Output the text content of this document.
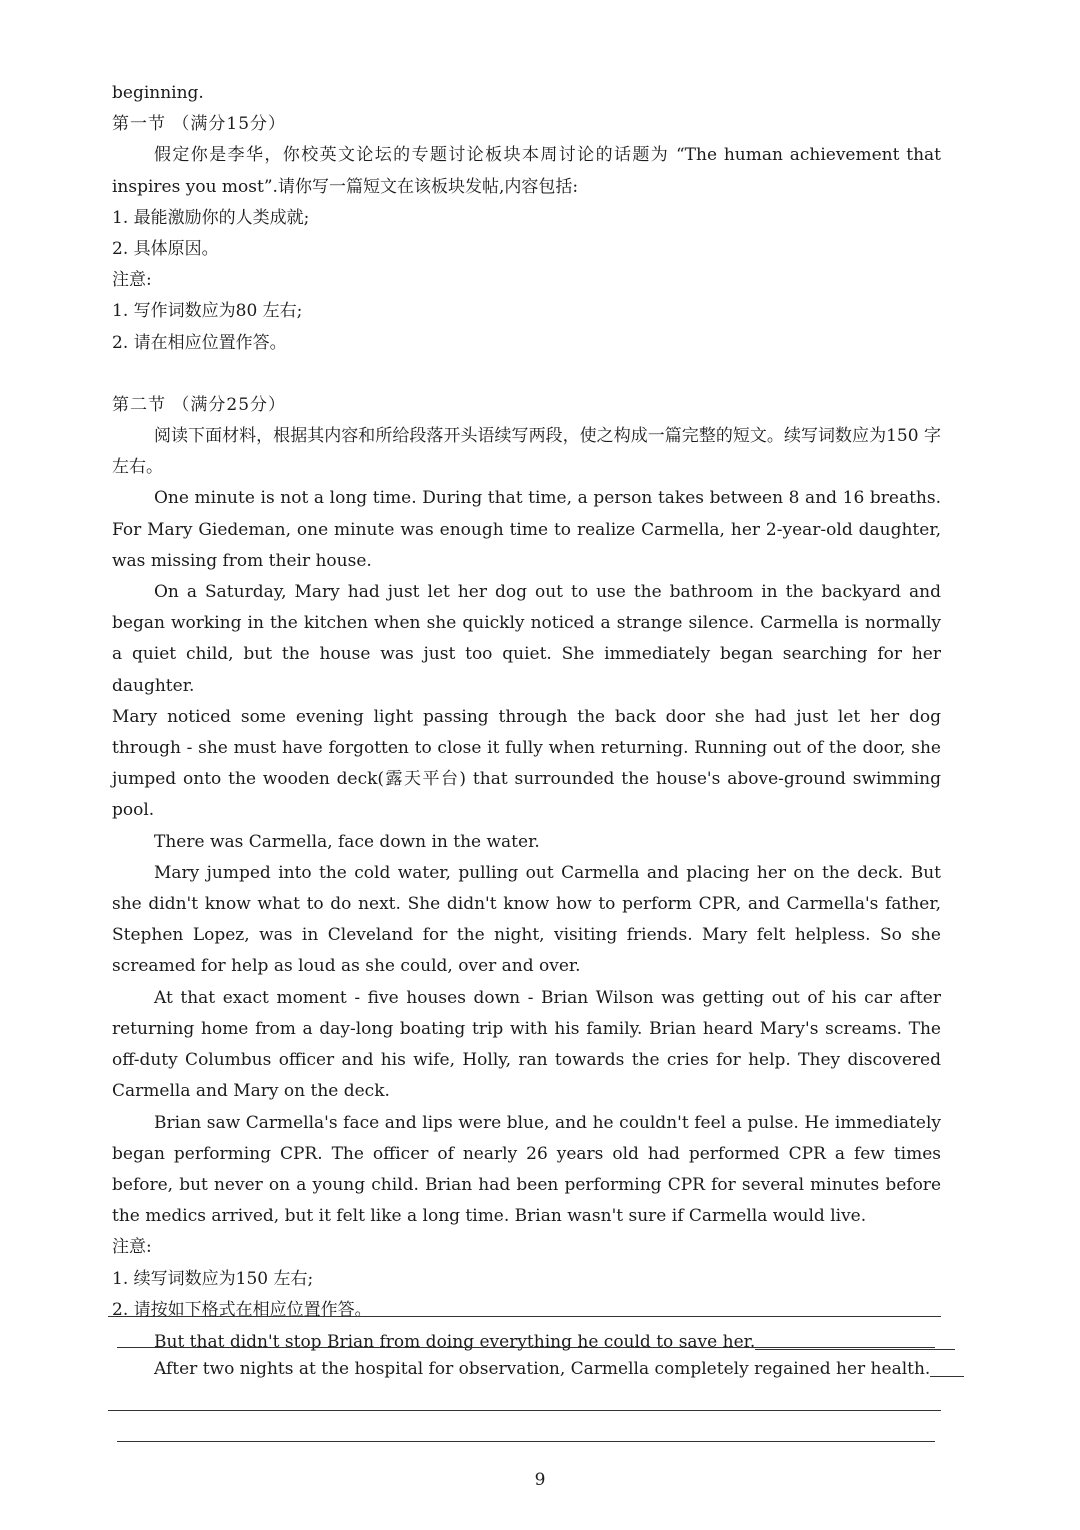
beginning.
第一节 （满分15分）
假定你是李华，你校英文论坛的专题讨论板块本周讨论的话题为 “The human achievement that inspires you most”.请你写一篇短文在该板块发帖,内容包括:
1. 最能激励你的人类成就;
2. 具体原因。
注意:
1. 写作词数应为80 左右;
2. 请在相应位置作答。
第二节 （满分25分）
阅读下面材料，根据其内容和所给段落开头语续写两段，使之构成一篇完整的短文。续写词数应为150 字左右。
One minute is not a long time. During that time, a person takes between 8 and 16 breaths. For Mary Giedeman, one minute was enough time to realize Carmella, her 2-year-old daughter, was missing from their house.
On a Saturday, Mary had just let her dog out to use the bathroom in the backyard and began working in the kitchen when she quickly noticed a strange silence. Carmella is normally a quiet child, but the house was just too quiet. She immediately began searching for her daughter.
Mary noticed some evening light passing through the back door she had just let her dog through - she must have forgotten to close it fully when returning. Running out of the door, she jumped onto the wooden deck(露天平台) that surrounded the house's above-ground swimming pool.
There was Carmella, face down in the water.
Mary jumped into the cold water, pulling out Carmella and placing her on the deck. But she didn't know what to do next. She didn't know how to perform CPR, and Carmella's father, Stephen Lopez, was in Cleveland for the night, visiting friends. Mary felt helpless. So she screamed for help as loud as she could, over and over.
At that exact moment - five houses down - Brian Wilson was getting out of his car after returning home from a day-long boating trip with his family. Brian heard Mary's screams. The off-duty Columbus officer and his wife, Holly, ran towards the cries for help. They discovered Carmella and Mary on the deck.
Brian saw Carmella's face and lips were blue, and he couldn't feel a pulse. He immediately began performing CPR. The officer of nearly 26 years old had performed CPR a few times before, but never on a young child. Brian had been performing CPR for several minutes before the medics arrived, but it felt like a long time. Brian wasn't sure if Carmella would live.
注意:
1. 续写词数应为150 左右;
2. 请按如下格式在相应位置作答。
But that didn't stop Brian from doing everything he could to save her.
After two nights at the hospital for observation, Carmella completely regained her health.
9
